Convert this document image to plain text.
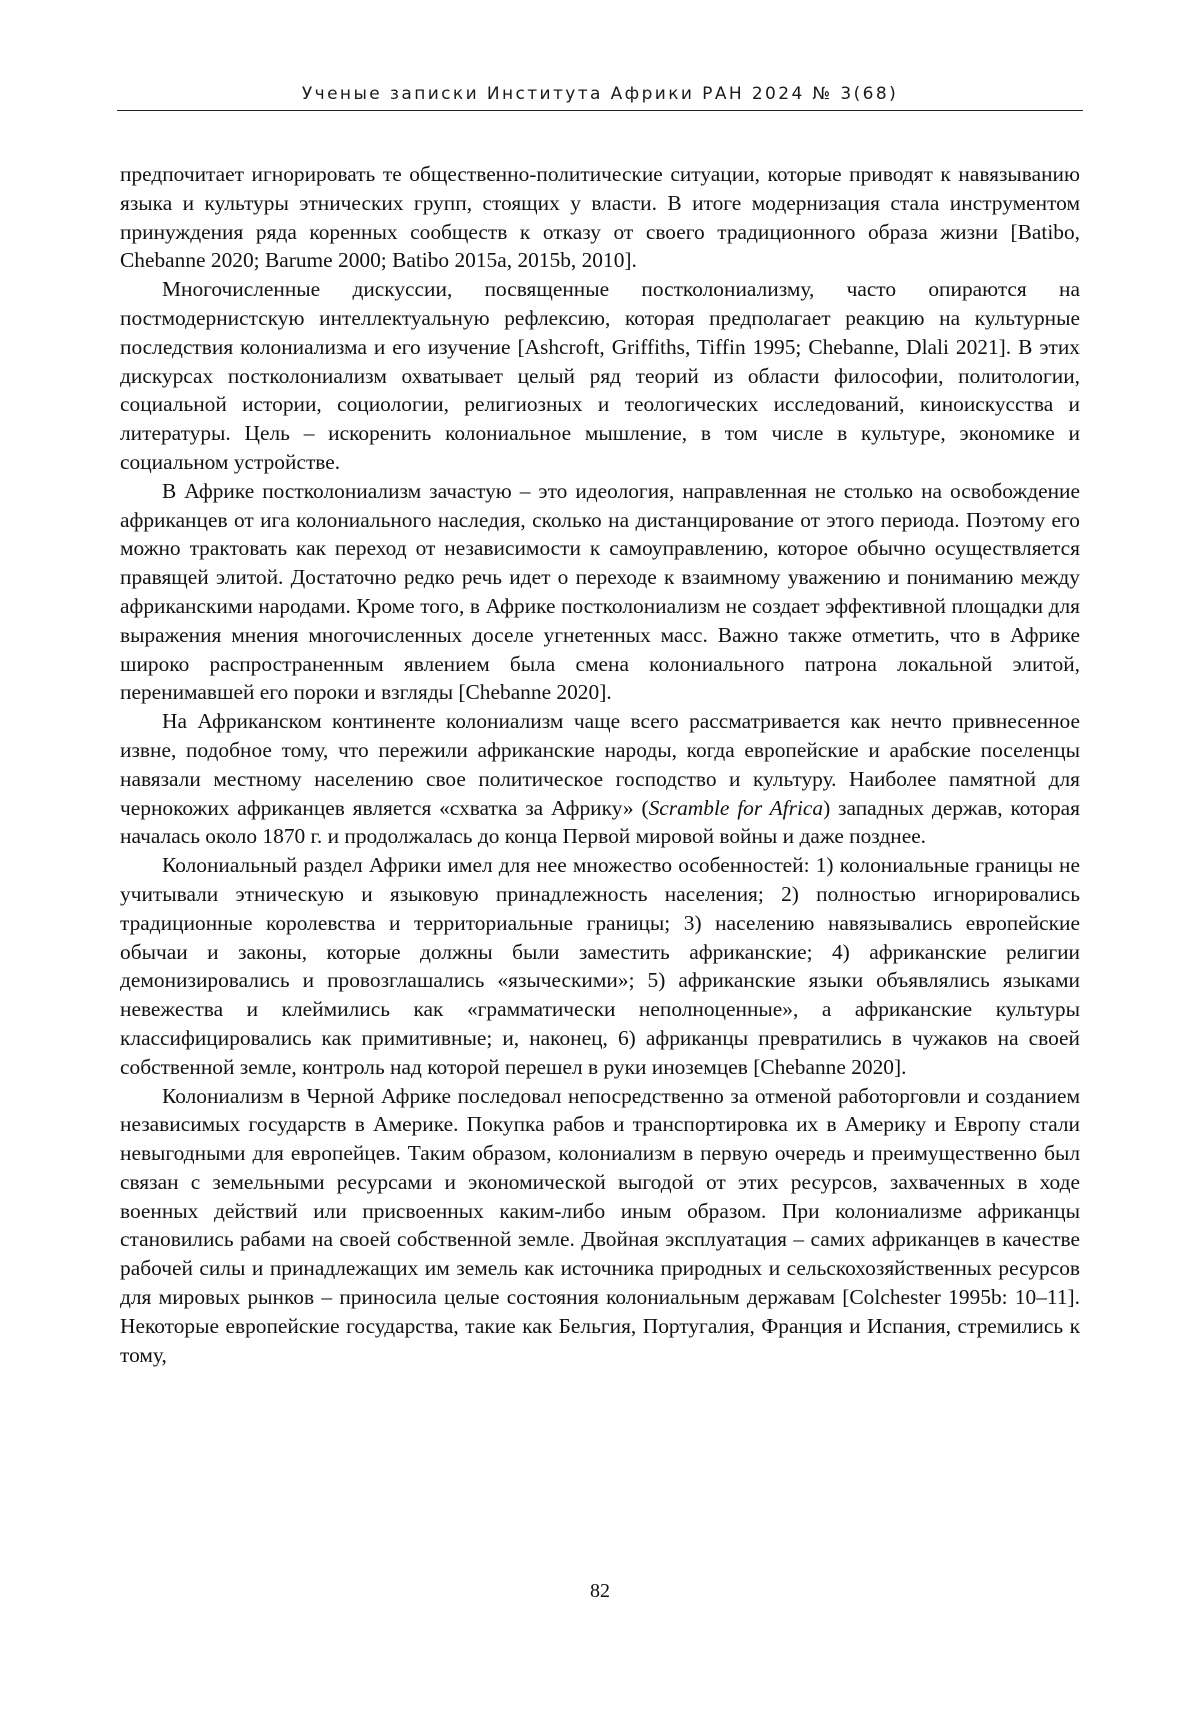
Ученые записки Института Африки РАН 2024 № 3(68)

предпочитает игнорировать те общественно-политические ситуации, которые приводят к навязыванию языка и культуры этнических групп, стоящих у власти. В итоге модернизация стала инструментом принуждения ряда коренных сообществ к отказу от своего традиционного образа жизни [Batibo, Chebanne 2020; Barume 2000; Batibo 2015a, 2015b, 2010].

Многочисленные дискуссии, посвященные постколониализму, часто опираются на постмодернистскую интеллектуальную рефлексию, которая предполагает реакцию на культурные последствия колониализма и его изучение [Ashcroft, Griffiths, Tiffin 1995; Chebanne, Dlali 2021]. В этих дискурсах постколониализм охватывает целый ряд теорий из области философии, политологии, социальной истории, социологии, религиозных и теологических исследований, киноискусства и литературы. Цель – искоренить колониальное мышление, в том числе в культуре, экономике и социальном устройстве.

В Африке постколониализм зачастую – это идеология, направленная не столько на освобождение африканцев от ига колониального наследия, сколько на дистанцирование от этого периода. Поэтому его можно трактовать как переход от независимости к самоуправлению, которое обычно осуществляется правящей элитой. Достаточно редко речь идет о переходе к взаимному уважению и пониманию между африканскими народами. Кроме того, в Африке постколониализм не создает эффективной площадки для выражения мнения многочисленных доселе угнетенных масс. Важно также отметить, что в Африке широко распространенным явлением была смена колониального патрона локальной элитой, перенимавшей его пороки и взгляды [Chebanne 2020].

На Африканском континенте колониализм чаще всего рассматривается как нечто привнесенное извне, подобное тому, что пережили африканские народы, когда европейские и арабские поселенцы навязали местному населению свое политическое господство и культуру. Наиболее памятной для чернокожих африканцев является «схватка за Африку» (Scramble for Africa) западных держав, которая началась около 1870 г. и продолжалась до конца Первой мировой войны и даже позднее.

Колониальный раздел Африки имел для нее множество особенностей: 1) колониальные границы не учитывали этническую и языковую принадлежность населения; 2) полностью игнорировались традиционные королевства и территориальные границы; 3) населению навязывались европейские обычаи и законы, которые должны были заместить африканские; 4) африканские религии демонизировались и провозглашались «языческими»; 5) африканские языки объявлялись языками невежества и клеймились как «грамматически неполноценные», а африканские культуры классифицировались как примитивные; и, наконец, 6) африканцы превратились в чужаков на своей собственной земле, контроль над которой перешел в руки иноземцев [Chebanne 2020].

Колониализм в Черной Африке последовал непосредственно за отменой работорговли и созданием независимых государств в Америке. Покупка рабов и транспортировка их в Америку и Европу стали невыгодными для европейцев. Таким образом, колониализм в первую очередь и преимущественно был связан с земельными ресурсами и экономической выгодой от этих ресурсов, захваченных в ходе военных действий или присвоенных каким-либо иным образом. При колониализме африканцы становились рабами на своей собственной земле. Двойная эксплуатация – самих африканцев в качестве рабочей силы и принадлежащих им земель как источника природных и сельскохозяйственных ресурсов для мировых рынков – приносила целые состояния колониальным державам [Colchester 1995b: 10–11]. Некоторые европейские государства, такие как Бельгия, Португалия, Франция и Испания, стремились к тому,

82
